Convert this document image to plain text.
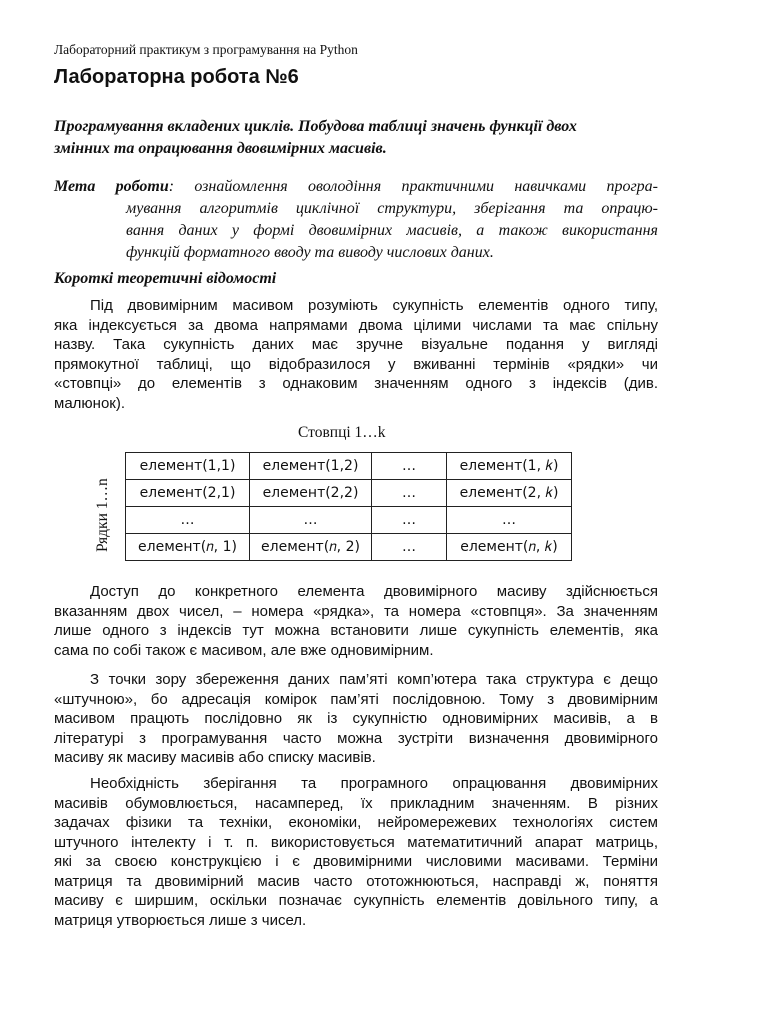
Лабораторний практикум з програмування на Python
Лабораторна робота №6
Програмування вкладених циклів. Побудова таблиці значень функції двох
змінних та опрацювання двовимірних масивів.
Мета роботи: ознайомлення оволодіння практичними навичками програ-
мування алгоритмів циклічної структури, зберігання та опрацю-
вання даних у формі двовимірних масивів, а також використання
функцій форматного вводу та виводу числових даних.
Короткі теоретичні відомості
Під двовимірним масивом розуміють сукупність елементів одного типу,
яка індексується за двома напрямами двома цілими числами та має спільну
назву. Така сукупність даних має зручне візуальне подання у вигляді
прямокутної таблиці, що відобразилося у вживанні термінів «рядки» чи
«стовпці» до елементів з однаковим значенням одного з індексів (див.
малюнок).
Стовпці 1…k
Рядки 1…n
елемент(1,1)	елемент(1,2)	…	елемент(1, 𝑘)
елемент(2,1)	елемент(2,2)	…	елемент(2, 𝑘)
…	…	…	…
елемент(𝑛, 1)	елемент(𝑛, 2)	…	елемент(𝑛, 𝑘)
Доступ до конкретного елемента двовимірного масиву здійснюється
вказанням двох чисел, – номера «рядка», та номера «стовпця». За значенням
лише одного з індексів тут можна встановити лише сукупність елементів, яка
сама по собі також є масивом, але вже одновимірним.
З точки зору збереження даних пам’яті комп’ютера така структура є дещо
«штучною», бо адресація комірок пам’яті послідовною. Тому з двовимірним
масивом працють послідовно як із сукупністю одновимірних масивів, а в
літературі з програмування часто можна зустріти визначення двовимірного
масиву як масиву масивів або списку масивів.
Необхідність зберігання та програмного опрацювання двовимірних
масивів обумовлюється, насамперед, їх прикладним значенням. В різних
задачах фізики та техніки, економіки, нейромережевих технологіях систем
штучного інтелекту і т. п. використовується математитичний апарат матриць,
які за своєю конструкцією і є двовимірними числовими масивами. Терміни
матриця та двовимірний масив часто ототожнюються, насправді ж, поняття
масиву є ширшим, оскільки позначає сукупність елементів довільного типу, а
матриця утворюється лише з чисел.
